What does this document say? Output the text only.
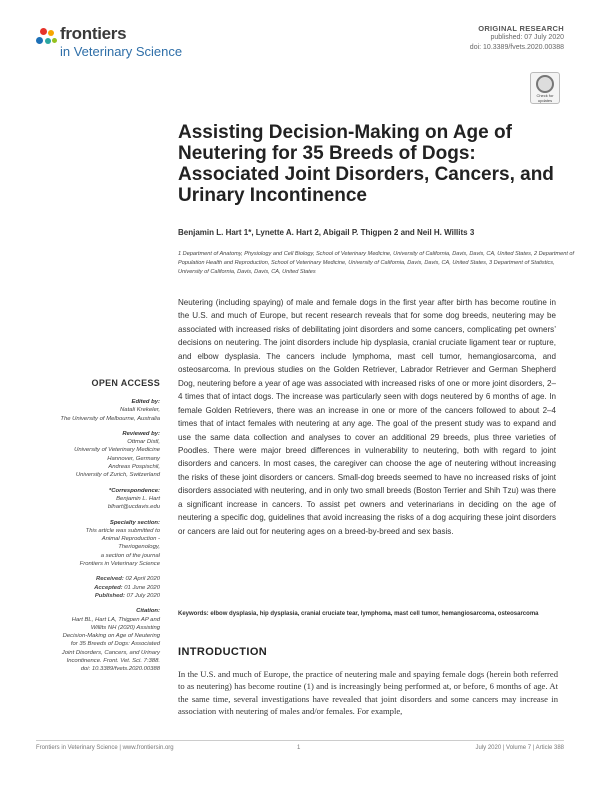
frontiers
in Veterinary Science
ORIGINAL RESEARCH
published: 07 July 2020
doi: 10.3389/fvets.2020.00388
Check for updates
Assisting Decision-Making on Age of Neutering for 35 Breeds of Dogs: Associated Joint Disorders, Cancers, and Urinary Incontinence
Benjamin L. Hart 1*, Lynette A. Hart 2, Abigail P. Thigpen 2 and Neil H. Willits 3
1 Department of Anatomy, Physiology and Cell Biology, School of Veterinary Medicine, University of California, Davis, Davis, CA, United States, 2 Department of Population Health and Reproduction, School of Veterinary Medicine, University of California, Davis, Davis, CA, United States, 3 Department of Statistics, University of California, Davis, Davis, CA, United States
OPEN ACCESS
Edited by:
Natali Krekeler,
The University of Melbourne, Australia
Reviewed by:
Ottmar Distl,
University of Veterinary Medicine
Hannover, Germany
Andreas Pospischil,
University of Zurich, Switzerland
*Correspondence:
Benjamin L. Hart
blhart@ucdavis.edu
Specialty section:
This article was submitted to
Animal Reproduction -
Theriogenology,
a section of the journal
Frontiers in Veterinary Science
Received: 02 April 2020
Accepted: 01 June 2020
Published: 07 July 2020
Citation:
Hart BL, Hart LA, Thigpen AP and
Willits NH (2020) Assisting
Decision-Making on Age of Neutering
for 35 Breeds of Dogs: Associated
Joint Disorders, Cancers, and Urinary
Incontinence. Front. Vet. Sci. 7:388.
doi: 10.3389/fvets.2020.00388
Neutering (including spaying) of male and female dogs in the first year after birth has become routine in the U.S. and much of Europe, but recent research reveals that for some dog breeds, neutering may be associated with increased risks of debilitating joint disorders and some cancers, complicating pet owners’ decisions on neutering. The joint disorders include hip dysplasia, cranial cruciate ligament tear or rupture, and elbow dysplasia. The cancers include lymphoma, mast cell tumor, hemangiosarcoma, and osteosarcoma. In previous studies on the Golden Retriever, Labrador Retriever and German Shepherd Dog, neutering before a year of age was associated with increased risks of one or more joint disorders, 2–4 times that of intact dogs. The increase was particularly seen with dogs neutered by 6 months of age. In female Golden Retrievers, there was an increase in one or more of the cancers followed to about 2–4 times that of intact females with neutering at any age. The goal of the present study was to expand and use the same data collection and analyses to cover an additional 29 breeds, plus three varieties of Poodles. There were major breed differences in vulnerability to neutering, both with regard to joint disorders and cancers. In most cases, the caregiver can choose the age of neutering without increasing the risks of these joint disorders or cancers. Small-dog breeds seemed to have no increased risks of joint disorders associated with neutering, and in only two small breeds (Boston Terrier and Shih Tzu) was there a significant increase in cancers. To assist pet owners and veterinarians in deciding on the age of neutering a specific dog, guidelines that avoid increasing the risks of a dog acquiring these joint disorders or cancers are laid out for neutering ages on a breed-by-breed and sex basis.
Keywords: elbow dysplasia, hip dysplasia, cranial cruciate tear, lymphoma, mast cell tumor, hemangiosarcoma, osteosarcoma
INTRODUCTION
In the U.S. and much of Europe, the practice of neutering male and spaying female dogs (herein both referred to as neutering) has become routine (1) and is increasingly being performed at, or before, 6 months of age. At the same time, several investigations have revealed that joint disorders and some cancers may increase in association with neutering of males and/or females. For example,
Frontiers in Veterinary Science | www.frontiersin.org	1	July 2020 | Volume 7 | Article 388
